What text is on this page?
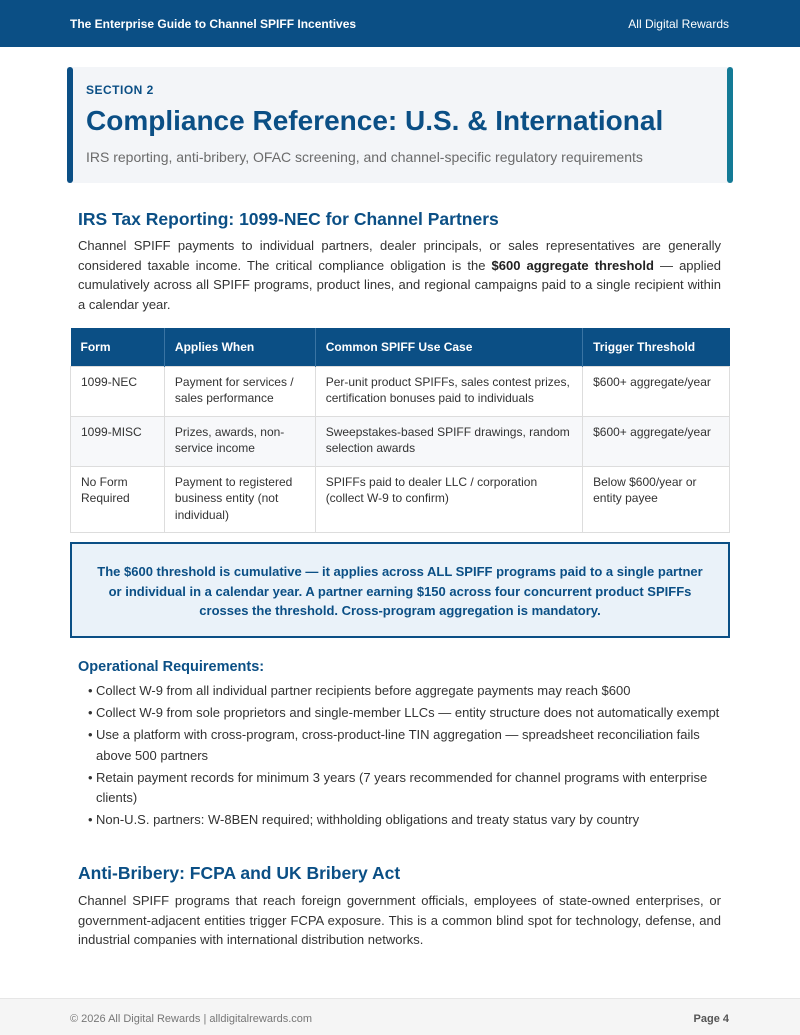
The Enterprise Guide to Channel SPIFF Incentives	All Digital Rewards
SECTION 2
Compliance Reference: U.S. & International
IRS reporting, anti-bribery, OFAC screening, and channel-specific regulatory requirements
IRS Tax Reporting: 1099-NEC for Channel Partners

Channel SPIFF payments to individual partners, dealer principals, or sales representatives are generally considered taxable income. The critical compliance obligation is the $600 aggregate threshold — applied cumulatively across all SPIFF programs, product lines, and regional campaigns paid to a single recipient within a calendar year.

Form	Applies When	Common SPIFF Use Case	Trigger Threshold
1099-NEC	Payment for services / sales performance	Per-unit product SPIFFs, sales contest prizes, certification bonuses paid to individuals	$600+ aggregate/year
1099-MISC	Prizes, awards, non-service income	Sweepstakes-based SPIFF drawings, random selection awards	$600+ aggregate/year
No Form Required	Payment to registered business entity (not individual)	SPIFFs paid to dealer LLC / corporation (collect W-9 to confirm)	Below $600/year or entity payee

The $600 threshold is cumulative — it applies across ALL SPIFF programs paid to a single partner or individual in a calendar year. A partner earning $150 across four concurrent product SPIFFs crosses the threshold. Cross-program aggregation is mandatory.

Operational Requirements:
• Collect W-9 from all individual partner recipients before aggregate payments may reach $600
• Collect W-9 from sole proprietors and single-member LLCs — entity structure does not automatically exempt
• Use a platform with cross-program, cross-product-line TIN aggregation — spreadsheet reconciliation fails above 500 partners
• Retain payment records for minimum 3 years (7 years recommended for channel programs with enterprise clients)
• Non-U.S. partners: W-8BEN required; withholding obligations and treaty status vary by country
Anti-Bribery: FCPA and UK Bribery Act

Channel SPIFF programs that reach foreign government officials, employees of state-owned enterprises, or government-adjacent entities trigger FCPA exposure. This is a common blind spot for technology, defense, and industrial companies with international distribution networks.

© 2026 All Digital Rewards | alldigitalrewards.com	Page 4
